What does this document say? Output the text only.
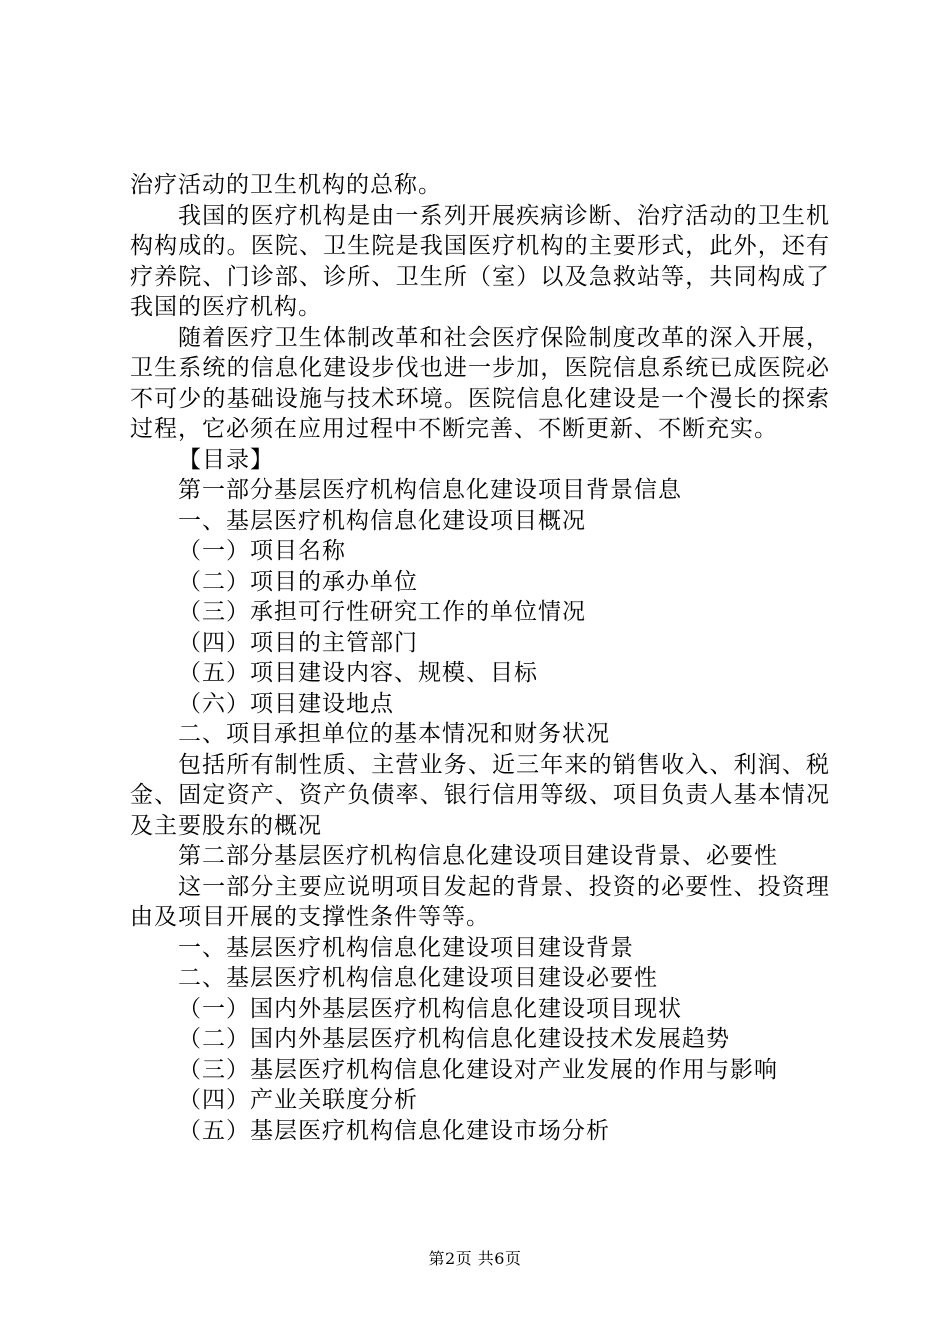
治疗活动的卫生机构的总称。

我国的医疗机构是由一系列开展疾病诊断、治疗活动的卫生机构构成的。医院、卫生院是我国医疗机构的主要形式，此外，还有疗养院、门诊部、诊所、卫生所（室）以及急救站等，共同构成了我国的医疗机构。

随着医疗卫生体制改革和社会医疗保险制度改革的深入开展，卫生系统的信息化建设步伐也进一步加，医院信息系统已成医院必不可少的基础设施与技术环境。医院信息化建设是一个漫长的探索过程，它必须在应用过程中不断完善、不断更新、不断充实。

【目录】

第一部分基层医疗机构信息化建设项目背景信息

一、基层医疗机构信息化建设项目概况

（一）项目名称

（二）项目的承办单位

（三）承担可行性研究工作的单位情况

（四）项目的主管部门

（五）项目建设内容、规模、目标

（六）项目建设地点

二、项目承担单位的基本情况和财务状况

包括所有制性质、主营业务、近三年来的销售收入、利润、税金、固定资产、资产负债率、银行信用等级、项目负责人基本情况及主要股东的概况

第二部分基层医疗机构信息化建设项目建设背景、必要性

这一部分主要应说明项目发起的背景、投资的必要性、投资理由及项目开展的支撑性条件等等。

一、基层医疗机构信息化建设项目建设背景

二、基层医疗机构信息化建设项目建设必要性

（一）国内外基层医疗机构信息化建设项目现状

（二）国内外基层医疗机构信息化建设技术发展趋势

（三）基层医疗机构信息化建设对产业发展的作用与影响

（四）产业关联度分析

（五）基层医疗机构信息化建设市场分析

第2页 共6页
